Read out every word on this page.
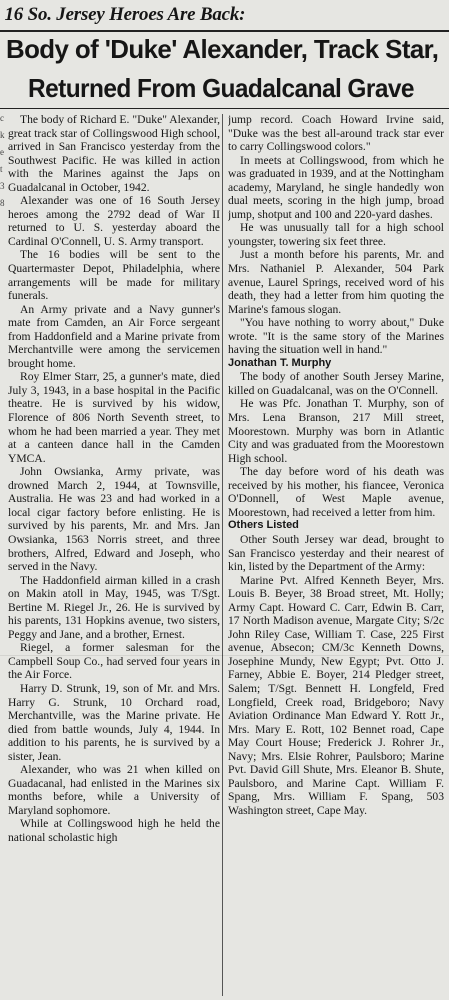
16 So. Jersey Heroes Are Back:
Body of 'Duke' Alexander, Track Star,
Returned From Guadalcanal Grave
c k e t 3 8

The body of Richard E. "Duke" Alexander, great track star of Collingswood High school, arrived in San Francisco yesterday from the Southwest Pacific. He was killed in action with the Marines against the Japs on Guadalcanal in October, 1942.

Alexander was one of 16 South Jersey heroes among the 2792 dead of War II returned to U. S. yesterday aboard the Cardinal O'Connell, U. S. Army transport.

The 16 bodies will be sent to the Quartermaster Depot, Philadelphia, where arrangements will be made for military funerals.

An Army private and a Navy gunner's mate from Camden, an Air Force sergeant from Haddonfield and a Marine private from Merchantville were among the servicemen brought home.

Roy Elmer Starr, 25, a gunner's mate, died July 3, 1943, in a base hospital in the Pacific theatre. He is survived by his widow, Florence of 806 North Seventh street, to whom he had been married a year. They met at a canteen dance hall in the Camden YMCA.

John Owsianka, Army private, was drowned March 2, 1944, at Townsville, Australia. He was 23 and had worked in a local cigar factory before enlisting. He is survived by his parents, Mr. and Mrs. Jan Owsianka, 1563 Norris street, and three brothers, Alfred, Edward and Joseph, who served in the Navy.

The Haddonfield airman killed in a crash on Makin atoll in May, 1945, was T/Sgt. Bertine M. Riegel Jr., 26. He is survived by his parents, 131 Hopkins avenue, two sisters, Peggy and Jane, and a brother, Ernest.

Riegel, a former salesman for the Campbell Soup Co., had served four years in the Air Force.

Harry D. Strunk, 19, son of Mr. and Mrs. Harry G. Strunk, 10 Orchard road, Merchantville, was the Marine private. He died from battle wounds, July 4, 1944. In addition to his parents, he is survived by a sister, Jean.

Alexander, who was 21 when killed on Guadacanal, had enlisted in the Marines six months before, while a University of Maryland sophomore.

While at Collingswood high he held the national scholastic high

jump record. Coach Howard Irvine said, "Duke was the best all-around track star ever to carry Collingswood colors."

In meets at Collingswood, from which he was graduated in 1939, and at the Nottingham academy, Maryland, he single handedly won dual meets, scoring in the high jump, broad jump, shotput and 100 and 220-yard dashes.

He was unusually tall for a high school youngster, towering six feet three.

Just a month before his parents, Mr. and Mrs. Nathaniel P. Alexander, 504 Park avenue, Laurel Springs, received word of his death, they had a letter from him quoting the Marine's famous slogan.

"You have nothing to worry about," Duke wrote. "It is the same story of the Marines having the situation well in hand."

Jonathan T. Murphy

The body of another South Jersey Marine, killed on Guadalcanal, was on the O'Connell.

He was Pfc. Jonathan T. Murphy, son of Mrs. Lena Branson, 217 Mill street, Moorestown. Murphy was born in Atlantic City and was graduated from the Moorestown High school.

The day before word of his death was received by his mother, his fiancee, Veronica O'Donnell, of West Maple avenue, Moorestown, had received a letter from him.

Others Listed

Other South Jersey war dead, brought to San Francisco yesterday and their nearest of kin, listed by the Department of the Army:

Marine Pvt. Alfred Kenneth Beyer, Mrs. Louis B. Beyer, 38 Broad street, Mt. Holly; Army Capt. Howard C. Carr, Edwin B. Carr, 17 North Madison avenue, Margate City; S/2c John Riley Case, William T. Case, 225 First avenue, Absecon; CM/3c Kenneth Downs, Josephine Mundy, New Egypt; Pvt. Otto J. Farney, Abbie E. Boyer, 214 Pledger street, Salem; T/Sgt. Bennett H. Longfeld, Fred Longfield, Creek road, Bridgeboro; Navy Aviation Ordinance Man Edward Y. Rott Jr., Mrs. Mary E. Rott, 102 Bennet road, Cape May Court House; Frederick J. Rohrer Jr., Navy; Mrs. Elsie Rohrer, Paulsboro; Marine Pvt. David Gill Shute, Mrs. Eleanor B. Shute, Paulsboro, and Marine Capt. William F. Spang, Mrs. William F. Spang, 503 Washington street, Cape May.
